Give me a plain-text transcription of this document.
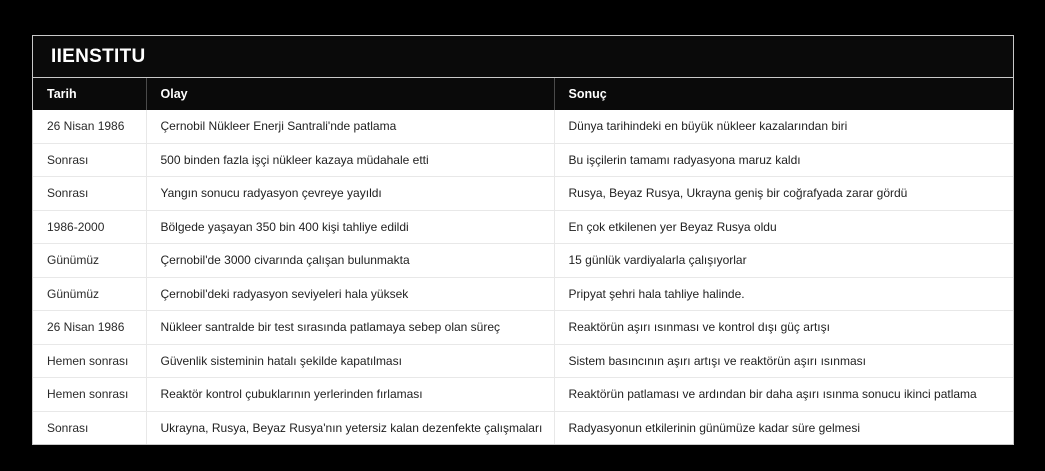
IIENSTITU
Tarih	Olay	Sonuç
26 Nisan 1986	Çernobil Nükleer Enerji Santrali'nde patlama	Dünya tarihindeki en büyük nükleer kazalarından biri
Sonrası	500 binden fazla işçi nükleer kazaya müdahale etti	Bu işçilerin tamamı radyasyona maruz kaldı
Sonrası	Yangın sonucu radyasyon çevreye yayıldı	Rusya, Beyaz Rusya, Ukrayna geniş bir coğrafyada zarar gördü
1986-2000	Bölgede yaşayan 350 bin 400 kişi tahliye edildi	En çok etkilenen yer Beyaz Rusya oldu
Günümüz	Çernobil'de 3000 civarında çalışan bulunmakta	15 günlük vardiyalarla çalışıyorlar
Günümüz	Çernobil'deki radyasyon seviyeleri hala yüksek	Pripyat şehri hala tahliye halinde.
26 Nisan 1986	Nükleer santralde bir test sırasında patlamaya sebep olan süreç	Reaktörün aşırı ısınması ve kontrol dışı güç artışı
Hemen sonrası	Güvenlik sisteminin hatalı şekilde kapatılması	Sistem basıncının aşırı artışı ve reaktörün aşırı ısınması
Hemen sonrası	Reaktör kontrol çubuklarının yerlerinden fırlaması	Reaktörün patlaması ve ardından bir daha aşırı ısınma sonucu ikinci patlama
Sonrası	Ukrayna, Rusya, Beyaz Rusya'nın yetersiz kalan dezenfekte çalışmaları	Radyasyonun etkilerinin günümüze kadar süre gelmesi
